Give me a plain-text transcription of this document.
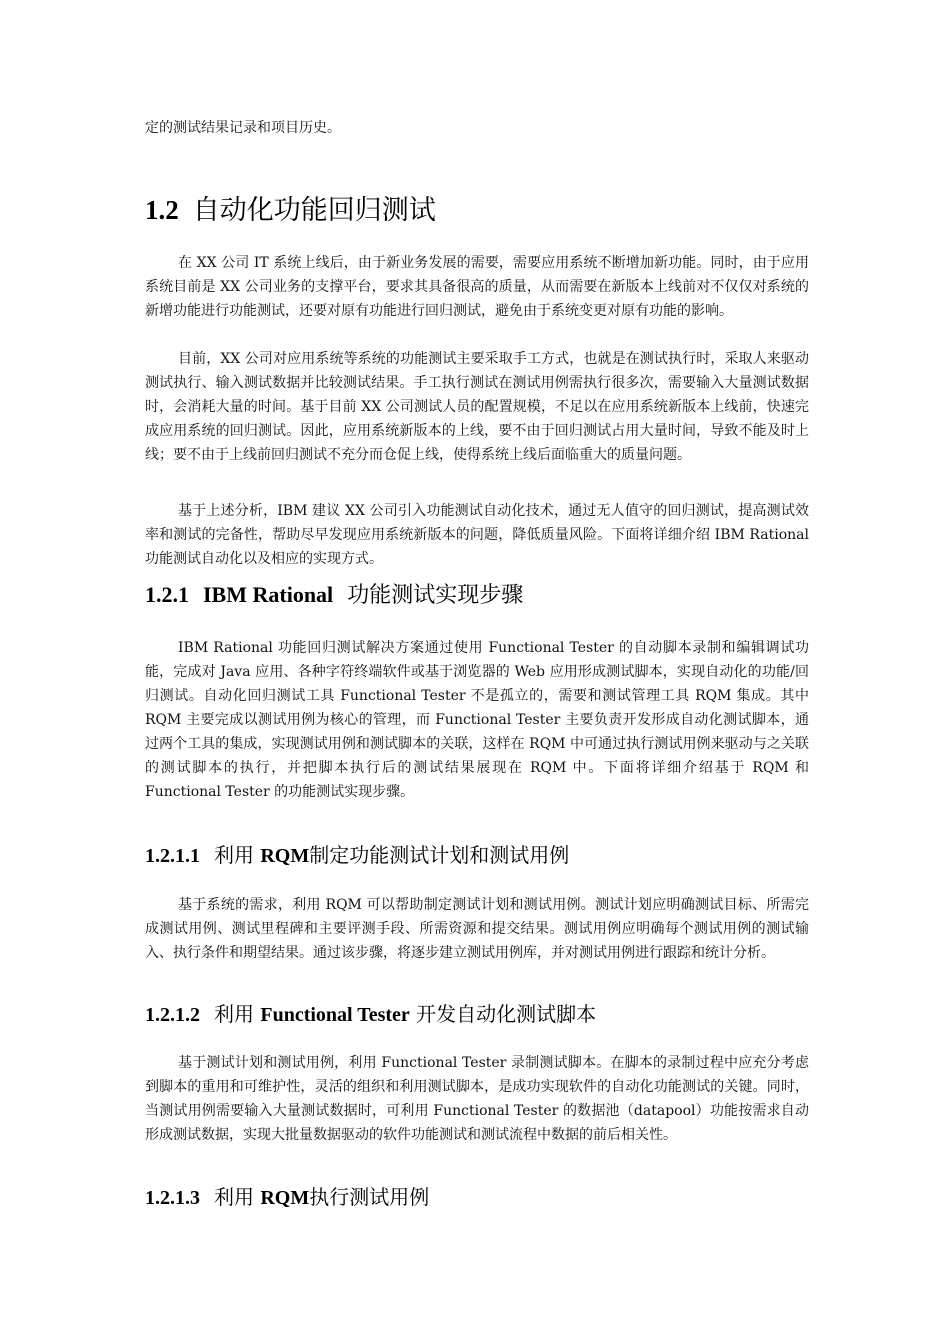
定的测试结果记录和项目历史。
1.2 自动化功能回归测试

在 XX 公司 IT 系统上线后，由于新业务发展的需要，需要应用系统不断增加新功能。同时，由于应用系统目前是 XX 公司业务的支撑平台，要求其具备很高的质量，从而需要在新版本上线前对不仅仅对系统的新增功能进行功能测试，还要对原有功能进行回归测试，避免由于系统变更对原有功能的影响。

目前，XX 公司对应用系统等系统的功能测试主要采取手工方式，也就是在测试执行时，采取人来驱动测试执行、输入测试数据并比较测试结果。手工执行测试在测试用例需执行很多次，需要输入大量测试数据时，会消耗大量的时间。基于目前 XX 公司测试人员的配置规模，不足以在应用系统新版本上线前，快速完成应用系统的回归测试。因此，应用系统新版本的上线，要不由于回归测试占用大量时间，导致不能及时上线；要不由于上线前回归测试不充分而仓促上线，使得系统上线后面临重大的质量问题。

基于上述分析，IBM 建议 XX 公司引入功能测试自动化技术，通过无人值守的回归测试，提高测试效率和测试的完备性，帮助尽早发现应用系统新版本的问题，降低质量风险。下面将详细介绍 IBM Rational 功能测试自动化以及相应的实现方式。

1.2.1 IBM Rational 功能测试实现步骤

IBM Rational 功能回归测试解决方案通过使用 Functional Tester 的自动脚本录制和编辑调试功能，完成对 Java 应用、各种字符终端软件或基于浏览器的 Web 应用形成测试脚本，实现自动化的功能/回归测试。自动化回归测试工具 Functional Tester 不是孤立的，需要和测试管理工具 RQM 集成。其中 RQM 主要完成以测试用例为核心的管理，而 Functional Tester 主要负责开发形成自动化测试脚本，通过两个工具的集成，实现测试用例和测试脚本的关联，这样在 RQM 中可通过执行测试用例来驱动与之关联的测试脚本的执行，并把脚本执行后的测试结果展现在 RQM 中。下面将详细介绍基于 RQM 和 Functional Tester 的功能测试实现步骤。

1.2.1.1 利用 RQM制定功能测试计划和测试用例

基于系统的需求，利用 RQM 可以帮助制定测试计划和测试用例。测试计划应明确测试目标、所需完成测试用例、测试里程碑和主要评测手段、所需资源和提交结果。测试用例应明确每个测试用例的测试输入、执行条件和期望结果。通过该步骤，将逐步建立测试用例库，并对测试用例进行跟踪和统计分析。

1.2.1.2 利用 Functional Tester 开发自动化测试脚本

基于测试计划和测试用例，利用 Functional Tester 录制测试脚本。在脚本的录制过程中应充分考虑到脚本的重用和可维护性，灵活的组织和利用测试脚本，是成功实现软件的自动化功能测试的关键。同时，当测试用例需要输入大量测试数据时，可利用 Functional Tester 的数据池（datapool）功能按需求自动形成测试数据，实现大批量数据驱动的软件功能测试和测试流程中数据的前后相关性。

1.2.1.3 利用 RQM执行测试用例
